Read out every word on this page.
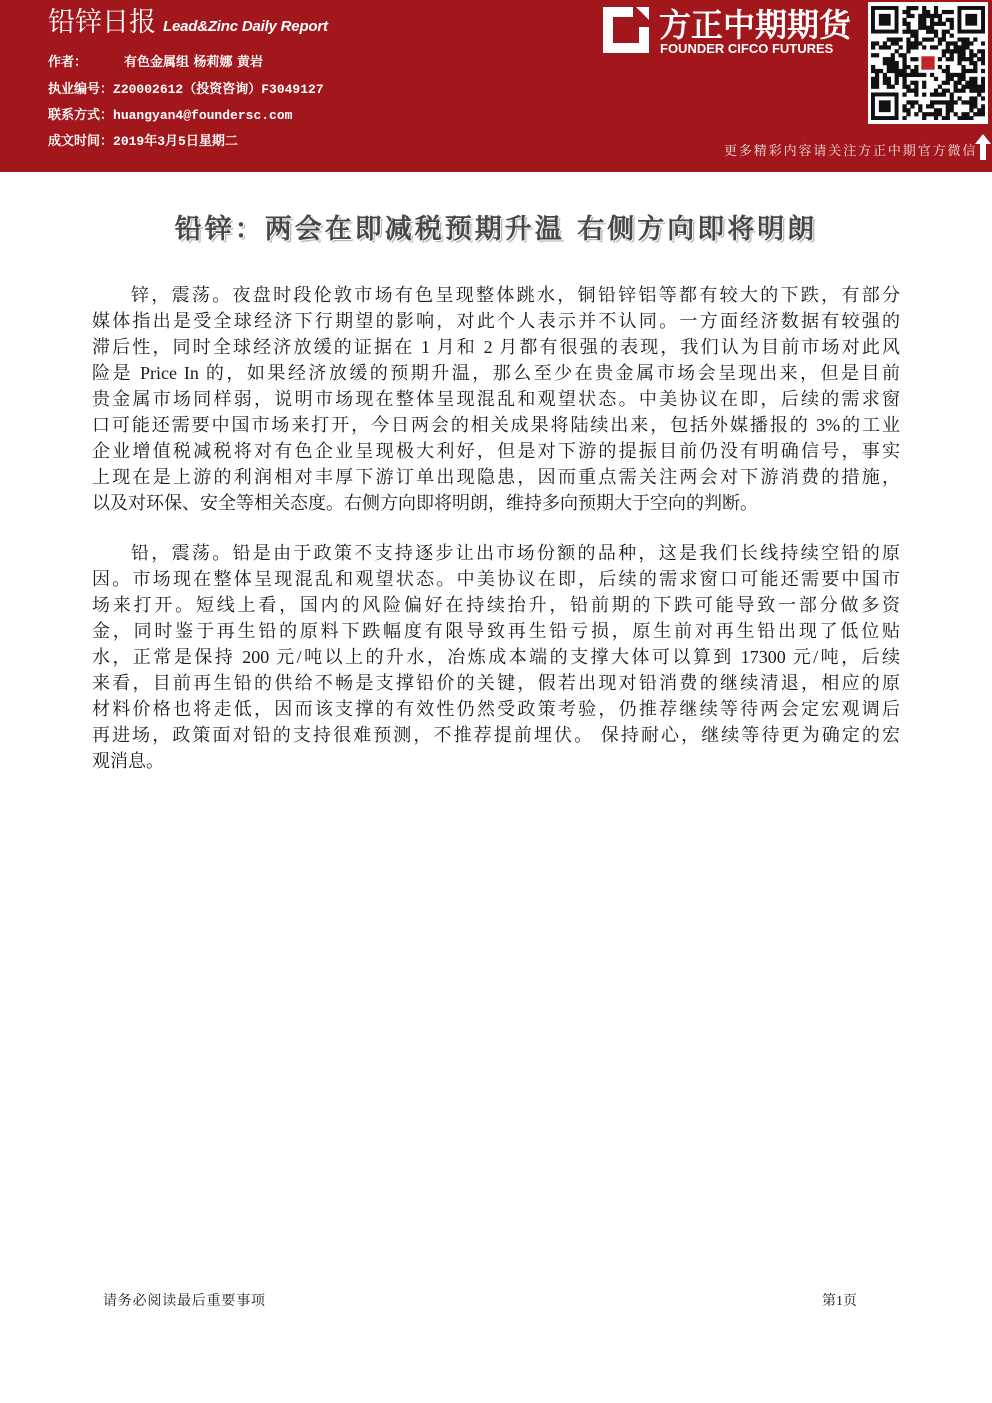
铅锌日报 Lead&Zinc Daily Report
作者：	有色金属组 杨莉娜 黄岩
执业编号：Z20002612（投资咨询）F3049127
联系方式：huangyan4@foundersc.com
成文时间：2019年3月5日星期二
方正中期期货
FOUNDER CIFCO FUTURES
更多精彩内容请关注方正中期官方微信
铅锌：两会在即减税预期升温 右侧方向即将明朗
锌，震荡。夜盘时段伦敦市场有色呈现整体跳水，铜铅锌铝等都有较大的下跌，有部分
媒体指出是受全球经济下行期望的影响，对此个人表示并不认同。一方面经济数据有较强的
滞后性，同时全球经济放缓的证据在 1 月和 2 月都有很强的表现，我们认为目前市场对此风
险是 Price In 的，如果经济放缓的预期升温，那么至少在贵金属市场会呈现出来，但是目前
贵金属市场同样弱，说明市场现在整体呈现混乱和观望状态。中美协议在即，后续的需求窗
口可能还需要中国市场来打开，今日两会的相关成果将陆续出来，包括外媒播报的 3%的工业
企业增值税减税将对有色企业呈现极大利好，但是对下游的提振目前仍没有明确信号，事实
上现在是上游的利润相对丰厚下游订单出现隐患，因而重点需关注两会对下游消费的措施，
以及对环保、安全等相关态度。右侧方向即将明朗，维持多向预期大于空向的判断。
铅，震荡。铅是由于政策不支持逐步让出市场份额的品种，这是我们长线持续空铅的原
因。市场现在整体呈现混乱和观望状态。中美协议在即，后续的需求窗口可能还需要中国市
场来打开。短线上看，国内的风险偏好在持续抬升，铅前期的下跌可能导致一部分做多资
金，同时鉴于再生铅的原料下跌幅度有限导致再生铅亏损，原生前对再生铅出现了低位贴
水，正常是保持 200 元/吨以上的升水，冶炼成本端的支撑大体可以算到 17300 元/吨，后续
来看，目前再生铅的供给不畅是支撑铅价的关键，假若出现对铅消费的继续清退，相应的原
材料价格也将走低，因而该支撑的有效性仍然受政策考验，仍推荐继续等待两会定宏观调后
再进场，政策面对铅的支持很难预测，不推荐提前埋伏。 保持耐心，继续等待更为确定的宏
观消息。
请务必阅读最后重要事项	第1页
